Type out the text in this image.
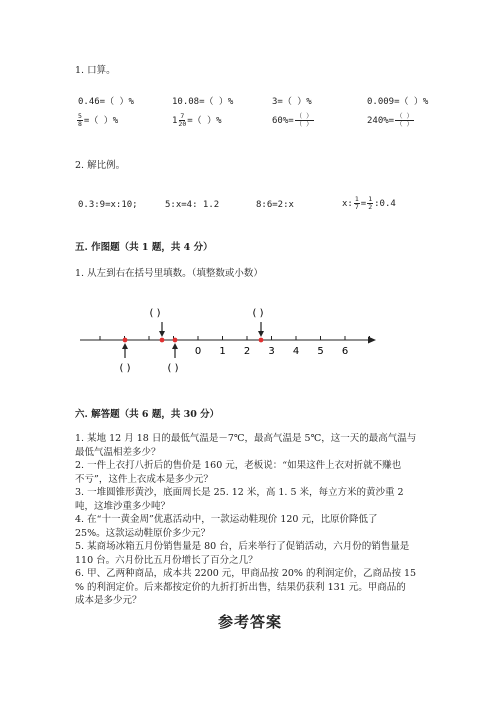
1. 口算。
0.46=（ ）%	10.08=（ ）%	3=（ ）%	0.009=（ ）%
$\frac{5}{8}$ =（ ）%	$1 \frac{7}{20}$ =（ ）%	$60\%= \frac{( )}{( )}$	$240\%= \frac{( )}{( )}$
2. 解比例。
0.3:9=x:10;	5:x=4: 1.2	8:6=2:x	x: $\frac{1}{7} = \frac{1}{2}$ :0.4
五. 作图题（共 1 题，共 4 分）
1. 从左到右在括号里填数。（填整数或小数）
0 1 2 3 4 5 6
( )	( )
( )	( )
六. 解答题（共 6 题，共 30 分）

1. 某地 12 月 18 日的最低气温是－7℃，最高气温是 5℃，这一天的最高气温与
最低气温相差多少？

2. 一件上衣打八折后的售价是 160 元，老板说：“如果这件上衣对折就不赚也
不亏”，这件上衣成本是多少元？

3. 一堆圆锥形黄沙，底面周长是 25. 12 米，高 1. 5 米，每立方米的黄沙重 2
吨，这堆沙重多少吨？

4. 在“十一黄金周”优惠活动中，一款运动鞋现价 120 元，比原价降低了
25%。这款运动鞋原价多少元？

5. 某商场冰箱五月份销售量是 80 台，后来举行了促销活动，六月份的销售量是
110 台。六月份比五月份增长了百分之几？

6. 甲、乙两种商品，成本共 2200 元，甲商品按 20% 的利润定价，乙商品按 15
% 的利润定价。后来都按定价的九折打折出售，结果仍获利 131 元。甲商品的
成本是多少元？

参考答案
